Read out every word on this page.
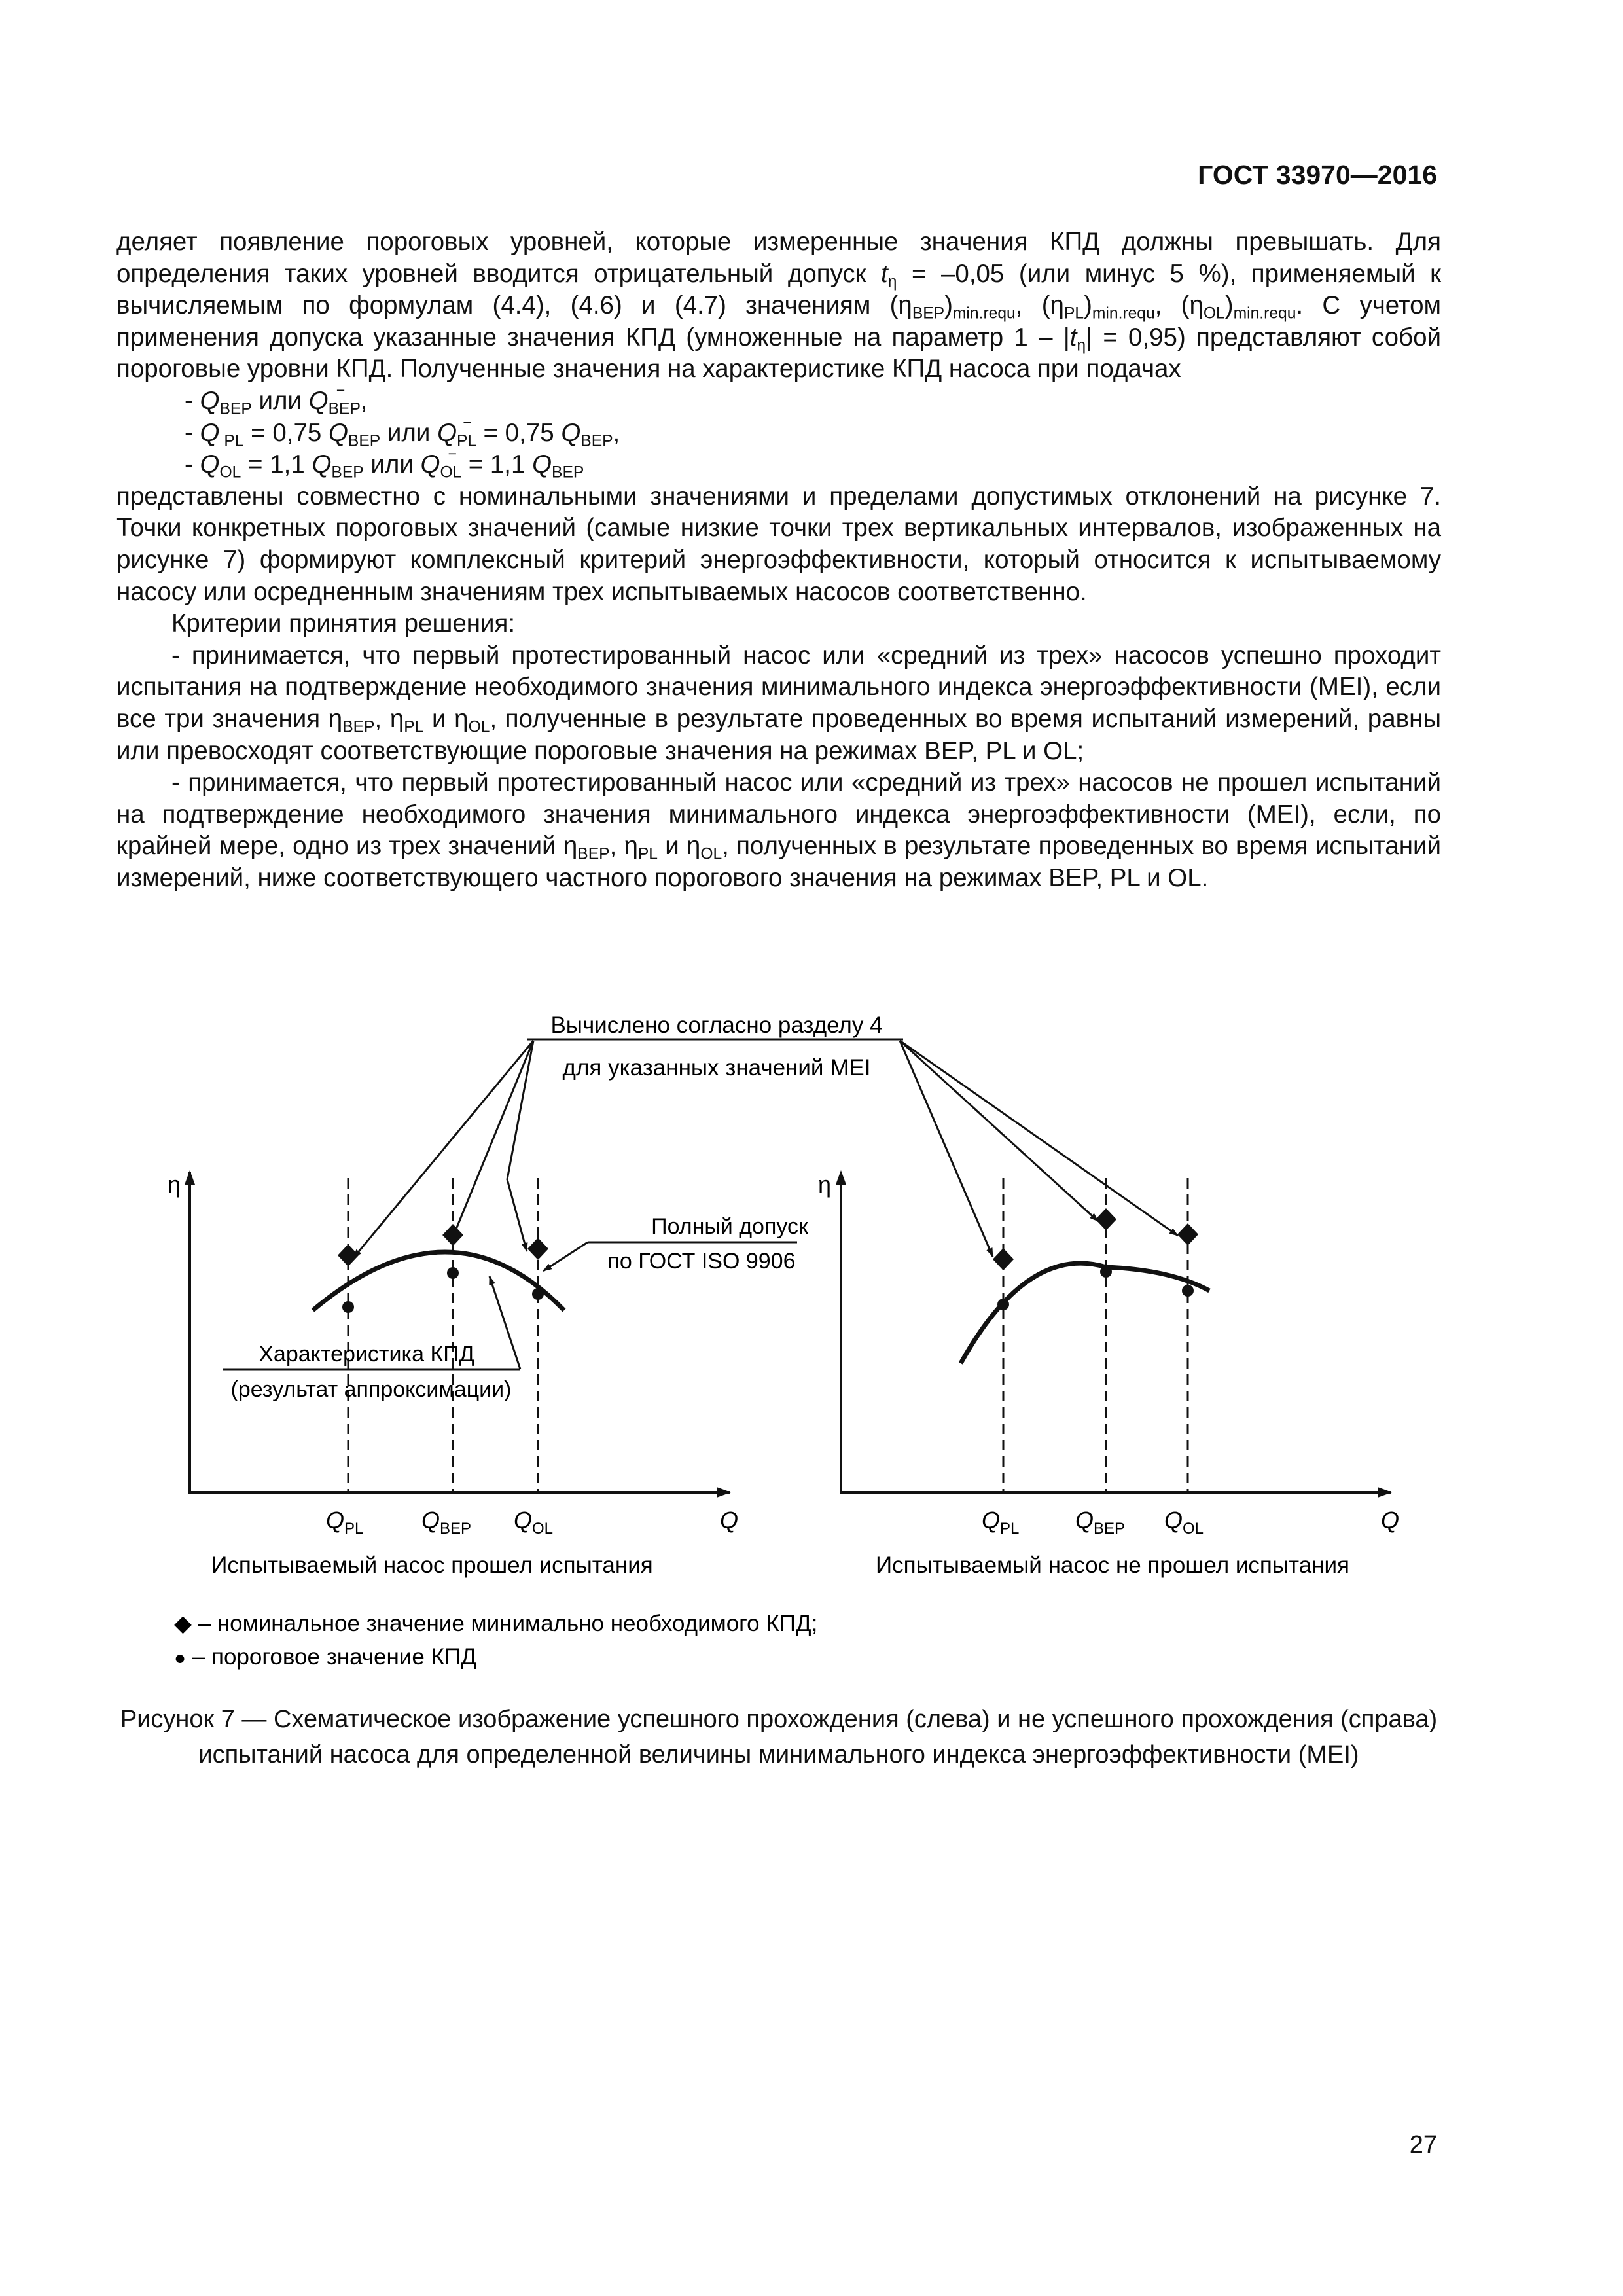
ГОСТ 33970—2016

деляет появление пороговых уровней, которые измеренные значения КПД должны превышать. Для определения таких уровней вводится отрицательный допуск $t_\eta = -0,05$ (или минус 5 %), применяемый к вычисляемым по формулам (4.4), (4.6) и (4.7) значениям $(\eta_{BEP})_{min.requ}$, $(\eta_{PL})_{min.requ}$, $(\eta_{OL})_{min.requ}$. С учетом применения допуска указанные значения КПД (умноженные на параметр $1 - |t_\eta| = 0,95$) представляют собой пороговые уровни КПД. Полученные значения на характеристике КПД насоса при подачах

- $Q_{BEP}$ или $Q_{BEP}^-$ ,
- Q $_{PL}$ = 0,75 $Q_{BEP}$ или $Q_{PL}^- = 0,75$ $Q_{BEP}$,
- $Q_{OL} = 1,1$ $Q_{BEP}$ или $Q_{OL}^- = 1,1$ $Q_{BEP}$

представлены совместно с номинальными значениями и пределами допустимых отклонений на рисунке 7. Точки конкретных пороговых значений (самые низкие точки трех вертикальных интервалов, изображенных на рисунке 7) формируют комплексный критерий энергоэффективности, который относится к испытываемому насосу или осредненным значениям трех испытываемых насосов соответственно.

Критерии принятия решения:

- принимается, что первый протестированный насос или «средний из трех» насосов успешно проходит испытания на подтверждение необходимого значения минимального индекса энергоэффективности (MEI), если все три значения $\eta_{BEP}$, $\eta_{PL}$ и $\eta_{OL}$, полученные в результате проведенных во время испытаний измерений, равны или превосходят соответствующие пороговые значения на режимах BEP, PL и OL;

- принимается, что первый протестированный насос или «средний из трех» насосов не прошел испытаний на подтверждение необходимого значения минимального индекса энергоэффективности (MEI), если, по крайней мере, одно из трех значений $\eta_{BEP}$, $\eta_{PL}$ и $\eta_{OL}$, полученных в результате проведенных во время испытаний измерений, ниже соответствующего частного порогового значения на режимах BEP, PL и OL.

Вычислено согласно разделу 4
для указанных значений MEI
η
Q
Полный допуск
по ГОСТ ISO 9906
Характеристика КПД
(результат аппроксимации)
$Q_{PL}$ $Q_{BEP}$ $Q_{OL}$
Испытываемый насос прошел испытания
η
Q
$Q_{PL}$ $Q_{BEP}$ $Q_{OL}$
Испытываемый насос не прошел испытания
◆ – номинальное значение минимально необходимого КПД;
● – пороговое значение КПД
Рисунок 7 — Схематическое изображение успешного прохождения (слева) и не успешного прохождения (справа)
испытаний насоса для определенной величины минимального индекса энергоэффективности (MEI)
27
